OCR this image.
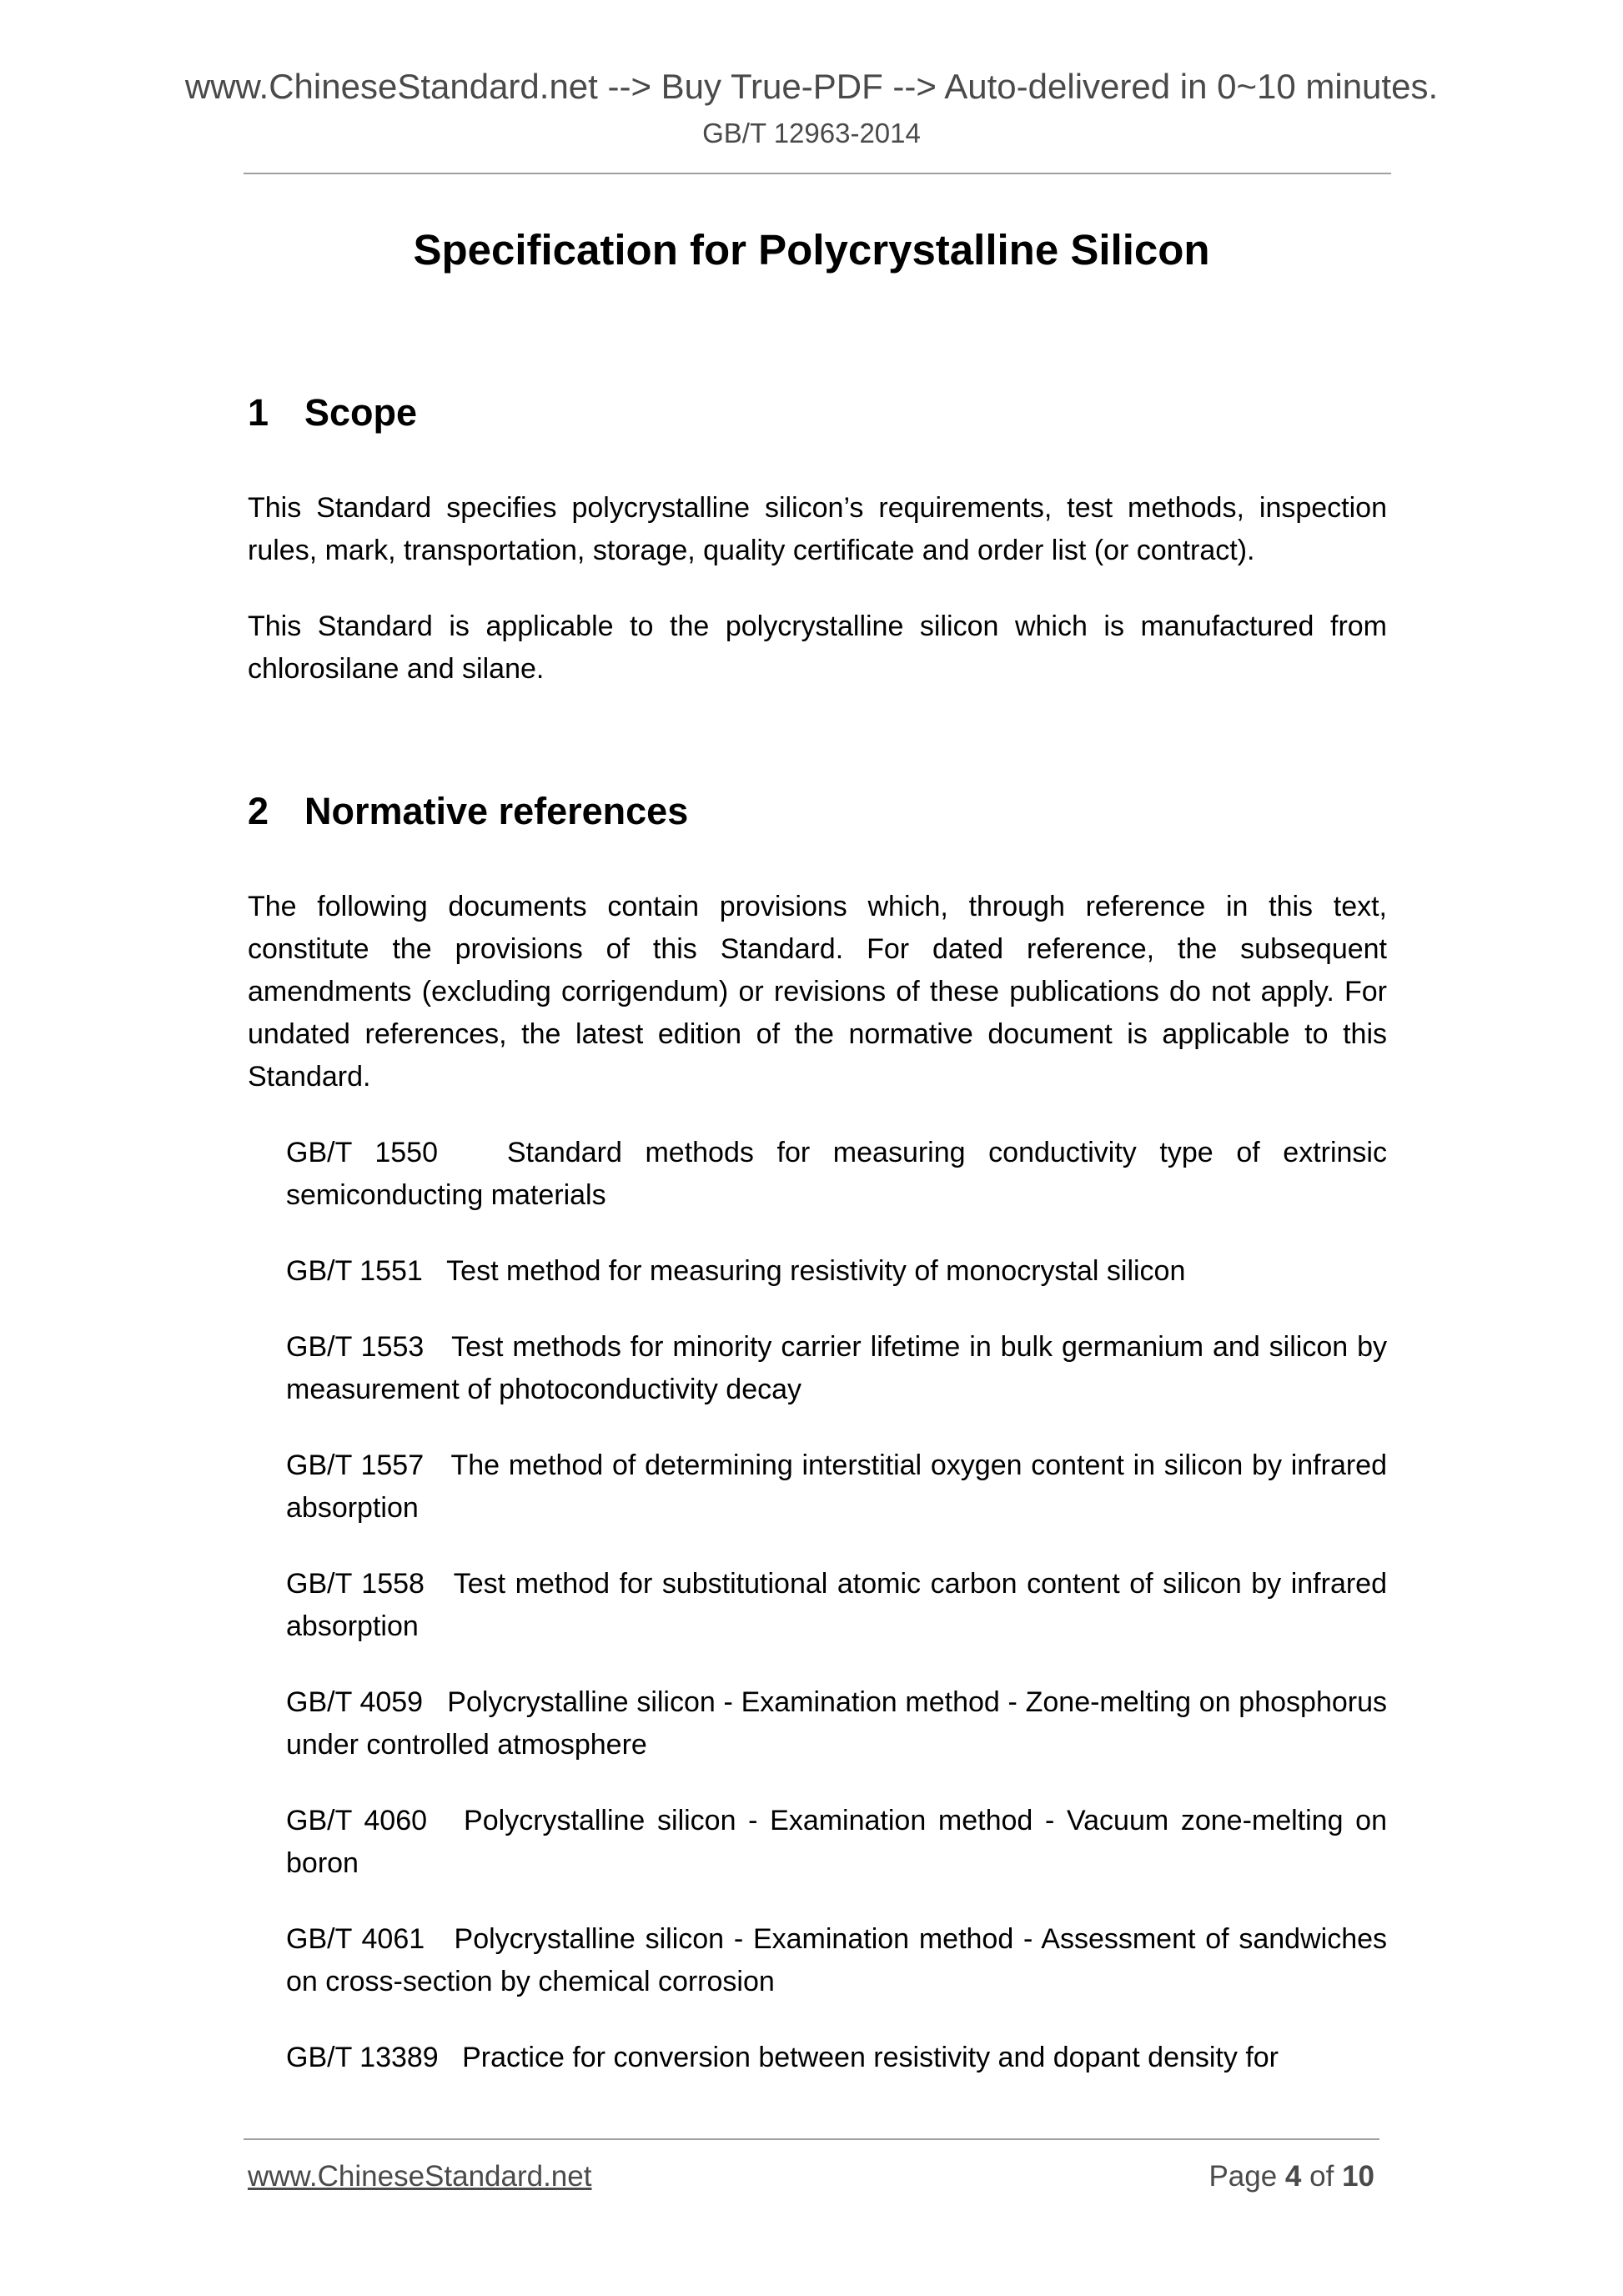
www.ChineseStandard.net --> Buy True-PDF --> Auto-delivered in 0~10 minutes.
GB/T 12963-2014
Specification for Polycrystalline Silicon
1 Scope

This Standard specifies polycrystalline silicon’s requirements, test methods, inspection rules, mark, transportation, storage, quality certificate and order list (or contract).

This Standard is applicable to the polycrystalline silicon which is manufactured from chlorosilane and silane.

2 Normative references

The following documents contain provisions which, through reference in this text, constitute the provisions of this Standard. For dated reference, the subsequent amendments (excluding corrigendum) or revisions of these publications do not apply. For undated references, the latest edition of the normative document is applicable to this Standard.

GB/T 1550 Standard methods for measuring conductivity type of extrinsic semiconducting materials

GB/T 1551 Test method for measuring resistivity of monocrystal silicon

GB/T 1553 Test methods for minority carrier lifetime in bulk germanium and silicon by measurement of photoconductivity decay

GB/T 1557 The method of determining interstitial oxygen content in silicon by infrared absorption

GB/T 1558 Test method for substitutional atomic carbon content of silicon by infrared absorption

GB/T 4059 Polycrystalline silicon - Examination method - Zone-melting on phosphorus under controlled atmosphere

GB/T 4060 Polycrystalline silicon - Examination method - Vacuum zone-melting on boron

GB/T 4061 Polycrystalline silicon - Examination method - Assessment of sandwiches on cross-section by chemical corrosion

GB/T 13389 Practice for conversion between resistivity and dopant density for

www.ChineseStandard.net	Page 4 of 10
